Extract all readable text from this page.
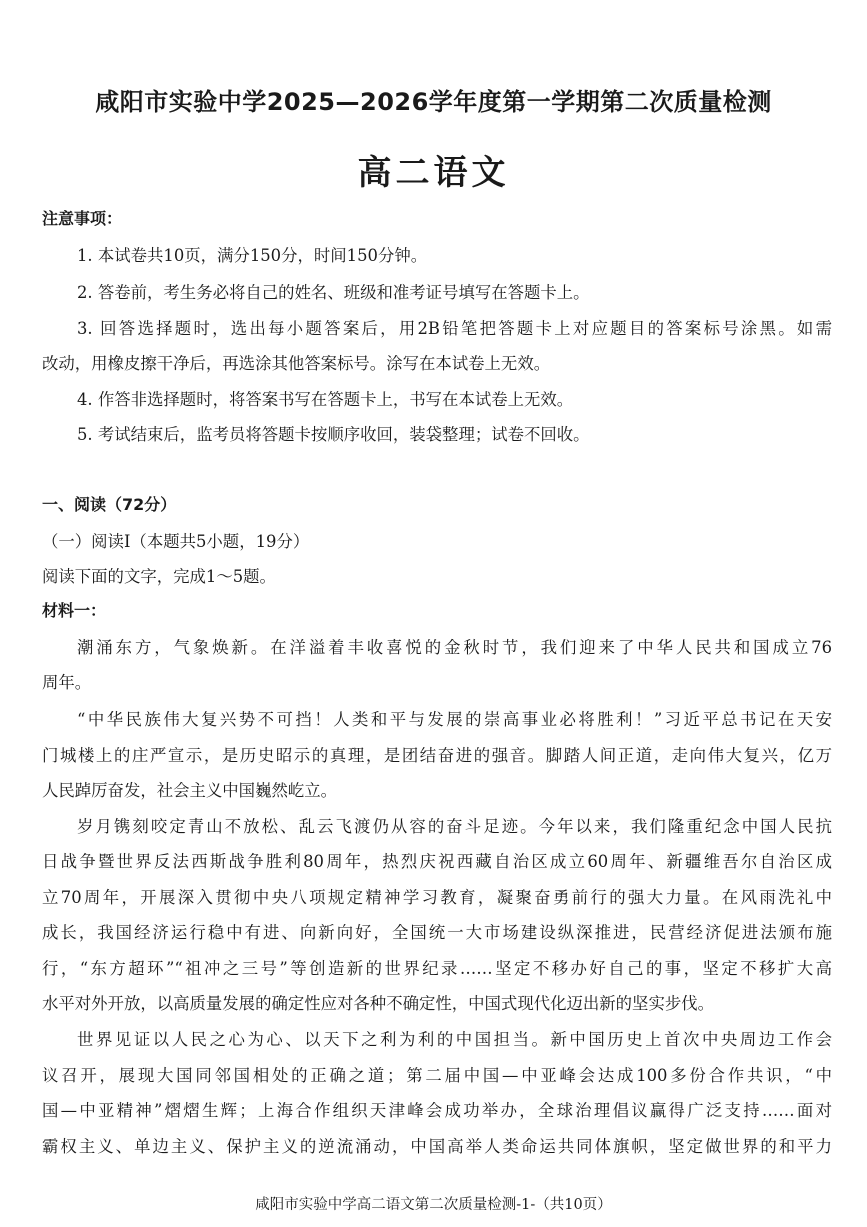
咸阳市实验中学2025—2026学年度第一学期第二次质量检测
高二语文
注意事项：
1. 本试卷共10页，满分150分，时间150分钟。
2. 答卷前，考生务必将自己的姓名、班级和准考证号填写在答题卡上。
3. 回答选择题时，选出每小题答案后，用2B铅笔把答题卡上对应题目的答案标号涂黑。如需
改动，用橡皮擦干净后，再选涂其他答案标号。涂写在本试卷上无效。
4. 作答非选择题时，将答案书写在答题卡上，书写在本试卷上无效。
5. 考试结束后，监考员将答题卡按顺序收回，装袋整理；试卷不回收。
一、阅读（72分）
（一）阅读Ⅰ（本题共5小题，19分）
阅读下面的文字，完成1～5题。
材料一：
潮涌东方，气象焕新。在洋溢着丰收喜悦的金秋时节，我们迎来了中华人民共和国成立76
周年。
“中华民族伟大复兴势不可挡！人类和平与发展的崇高事业必将胜利！”习近平总书记在天安
门城楼上的庄严宣示，是历史昭示的真理，是团结奋进的强音。脚踏人间正道，走向伟大复兴，亿万
人民踔厉奋发，社会主义中国巍然屹立。
岁月镌刻咬定青山不放松、乱云飞渡仍从容的奋斗足迹。今年以来，我们隆重纪念中国人民抗
日战争暨世界反法西斯战争胜利80周年，热烈庆祝西藏自治区成立60周年、新疆维吾尔自治区成
立70周年，开展深入贯彻中央八项规定精神学习教育，凝聚奋勇前行的强大力量。在风雨洗礼中
成长，我国经济运行稳中有进、向新向好，全国统一大市场建设纵深推进，民营经济促进法颁布施
行，“东方超环”“祖冲之三号”等创造新的世界纪录……坚定不移办好自己的事，坚定不移扩大高
水平对外开放，以高质量发展的确定性应对各种不确定性，中国式现代化迈出新的坚实步伐。
世界见证以人民之心为心、以天下之利为利的中国担当。新中国历史上首次中央周边工作会
议召开，展现大国同邻国相处的正确之道；第二届中国—中亚峰会达成100多份合作共识，“中
国—中亚精神”熠熠生辉；上海合作组织天津峰会成功举办，全球治理倡议赢得广泛支持……面对
霸权主义、单边主义、保护主义的逆流涌动，中国高举人类命运共同体旗帜，坚定做世界的和平力
咸阳市实验中学高二语文第二次质量检测-1-（共10页）
